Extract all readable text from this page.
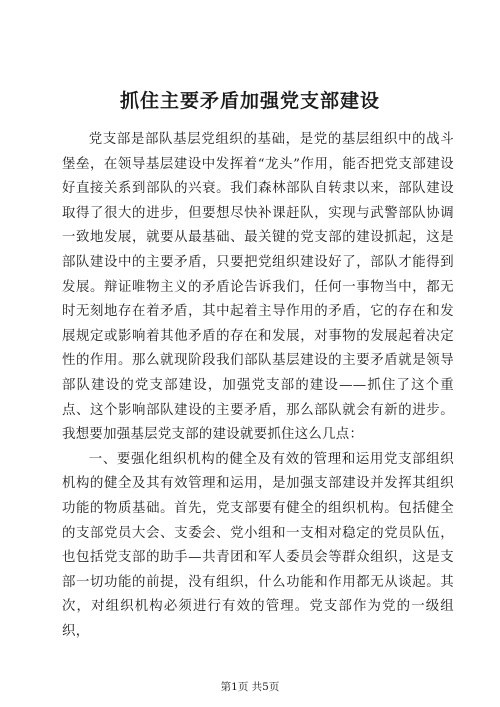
抓住主要矛盾加强党支部建设

党支部是部队基层党组织的基础，是党的基层组织中的战斗堡垒，在领导基层建设中发挥着“龙头”作用，能否把党支部建设好直接关系到部队的兴衰。我们森林部队自转隶以来，部队建设取得了很大的进步，但要想尽快补课赶队，实现与武警部队协调一致地发展，就要从最基础、最关键的党支部的建设抓起，这是部队建设中的主要矛盾，只要把党组织建设好了，部队才能得到发展。辩证唯物主义的矛盾论告诉我们，任何一事物当中，都无时无刻地存在着矛盾，其中起着主导作用的矛盾，它的存在和发展规定或影响着其他矛盾的存在和发展，对事物的发展起着决定性的作用。那么就现阶段我们部队基层建设的主要矛盾就是领导部队建设的党支部建设，加强党支部的建设——抓住了这个重点、这个影响部队建设的主要矛盾，那么部队就会有新的进步。我想要加强基层党支部的建设就要抓住这么几点：

一、要强化组织机构的健全及有效的管理和运用党支部组织机构的健全及其有效管理和运用，是加强支部建设并发挥其组织功能的物质基础。首先，党支部要有健全的组织机构。包括健全的支部党员大会、支委会、党小组和一支相对稳定的党员队伍，也包括党支部的助手—共青团和军人委员会等群众组织，这是支部一切功能的前提，没有组织，什么功能和作用都无从谈起。其次，对组织机构必须进行有效的管理。党支部作为党的一级组织，

第1页 共5页
